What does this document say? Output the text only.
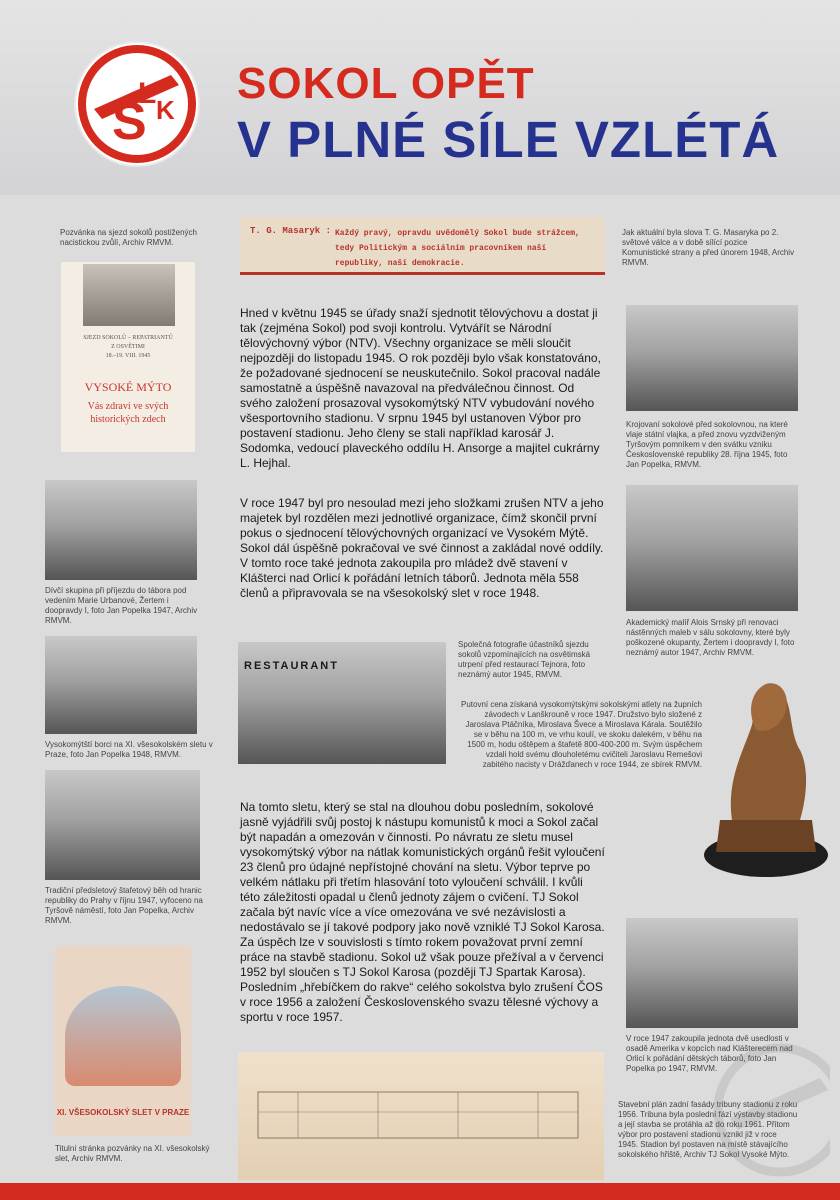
S
L K
SOKOL OPĚT
V PLNÉ SÍLE VZLÉTÁ
T. G. Masaryk : Každý pravý, opravdu uvědomělý Sokol bude strážcem, tedy Politickým a sociálním pracovníkem naší republiky, naší demokracie.
Pozvánka na sjezd sokolů postižených nacistickou zvůlí, Archiv RMVM.
SJEZD SOKOLŮ – REPATRIANTŮ
Z OSVĚTIMI
18.–19. VIII. 1945
VYSOKÉ MÝTO
Vás zdraví ve svých
historických zdech
Jak aktuální byla slova T. G. Masaryka po 2. světové válce a v době sílící pozice Komunistické strany a před únorem 1948, Archiv RMVM.
Hned v květnu 1945 se úřady snaží sjednotit tělovýchovu a dostat ji tak (zejména Sokol) pod svoji kontrolu. Vytvářít se Národní tělovýchovný výbor (NTV). Všechny organizace se měli sloučit nejpozději do listopadu 1945. O rok později bylo však konstatováno, že požadované sjednocení se neuskutečnilo. Sokol pracoval nadále samostatně a úspěšně navazoval na předválečnou činnost. Od svého založení prosazoval vysokomýtský NTV vybudování nového všesportovního stadionu. V srpnu 1945 byl ustanoven Výbor pro postavení stadionu. Jeho členy se stali například karosář J. Sodomka, vedoucí plaveckého oddílu H. Ansorge a majitel cukrárny L. Hejhal.
Krojovaní sokolové před sokolovnou, na které vlaje státní vlajka, a před znovu vyzdviženým Tyršovým pomníkem v den svátku vzniku Československé republiky 28. října 1945, foto Jan Popelka, RMVM.
Dívčí skupina při příjezdu do tábora pod vedením Marie Urbanové, Žertem i doopravdy I, foto Jan Popelka 1947, Archiv RMVM.
V roce 1947 byl pro nesoulad mezi jeho složkami zrušen NTV a jeho majetek byl rozdělen mezi jednotlivé organizace, čímž skončil první pokus o sjednocení tělovýchovných organizací ve Vysokém Mýtě. Sokol dál úspěšně pokračoval ve své činnost a zakládal nové oddíly. V tomto roce také jednota zakoupila pro mládež dvě stavení v Klášterci nad Orlicí k pořádání letních táborů. Jednota měla 558 členů a připravovala se na všesokolský slet v roce 1948.
Akademický malíř Alois Srnský při renovaci nástěnných maleb v sálu sokolovny, které byly poškozené okupanty, Žertem i doopravdy I, foto neznámý autor 1947, Archiv RMVM.
RESTAURANT
Společná fotografie účastníků sjezdu sokolů vzpomínajících na osvětimská utrpení před restaurací Tejnora, foto neznámý autor 1945, RMVM.
Vysokomýtští borci na XI. všesokolském sletu v Praze, foto Jan Popelka 1948, RMVM.
Putovní cena získaná vysokomýtskými sokolskými atlety na župních závodech v Lanškrouně v roce 1947. Družstvo bylo složené z Jaroslava Ptáčníka, Miroslava Švece a Miroslava Kárala. Soutěžilo se v běhu na 100 m, ve vrhu koulí, ve skoku dalekém, v běhu na 1500 m, hodu oštěpem a štafetě 800-400-200 m. Svým úspěchem vzdali hold svému dlouholetému cvičiteli Jaroslavu Remešovi zabitého nacisty v Drážďanech v roce 1944, ze sbírek RMVM.
Tradiční předsletový štafetový běh od hranic republiky do Prahy v říjnu 1947, vyfoceno na Tyršově náměstí, foto Jan Popelka, Archiv RMVM.
Na tomto sletu, který se stal na dlouhou dobu posledním, sokolové jasně vyjádřili svůj postoj k nástupu komunistů k moci a Sokol začal být napadán a omezován v činnosti. Po návratu ze sletu musel vysokomýtský výbor na nátlak komunistických orgánů řešit vyloučení 23 členů pro údajné nepřístojné chování na sletu. Výbor teprve po velkém nátlaku při třetím hlasování toto vyloučení schválil. I kvůli této záležitosti opadal u členů jednoty zájem o cvičení. TJ Sokol začala být navíc více a více omezována ve své nezávislosti a nedostávalo se jí takové podpory jako nově vzniklé TJ Sokol Karosa. Za úspěch lze v souvislosti s tímto rokem považovat první zemní práce na stavbě stadionu. Sokol už však pouze přežíval a v červenci 1952 byl sloučen s TJ Sokol Karosa (později TJ Spartak Karosa). Posledním „hřebíčkem do rakve“ celého sokolstva bylo zrušení ČOS v roce 1956 a založení Československého svazu tělesné výchovy a sportu v roce 1957.
V roce 1947 zakoupila jednota dvě usedlosti v osadě Amerika v kopcích nad Klášterecem nad Orlicí k pořádání dětských táborů, foto Jan Popelka po 1947, RMVM.
XI. VŠESOKOLSKÝ SLET V PRAZE
Titulní stránka pozvánky na XI. všesokolský slet, Archiv RMVM.
Stavební plán zadní fasády tribuny stadionu z roku 1956. Tribuna byla poslední fází výstavby stadionu a její stavba se protáhla až do roku 1961. Přitom výbor pro postavení stadionu vznikl již v roce 1945. Stadion byl postaven na místě stávajícího sokolského hřiště, Archiv TJ Sokol Vysoké Mýto.
